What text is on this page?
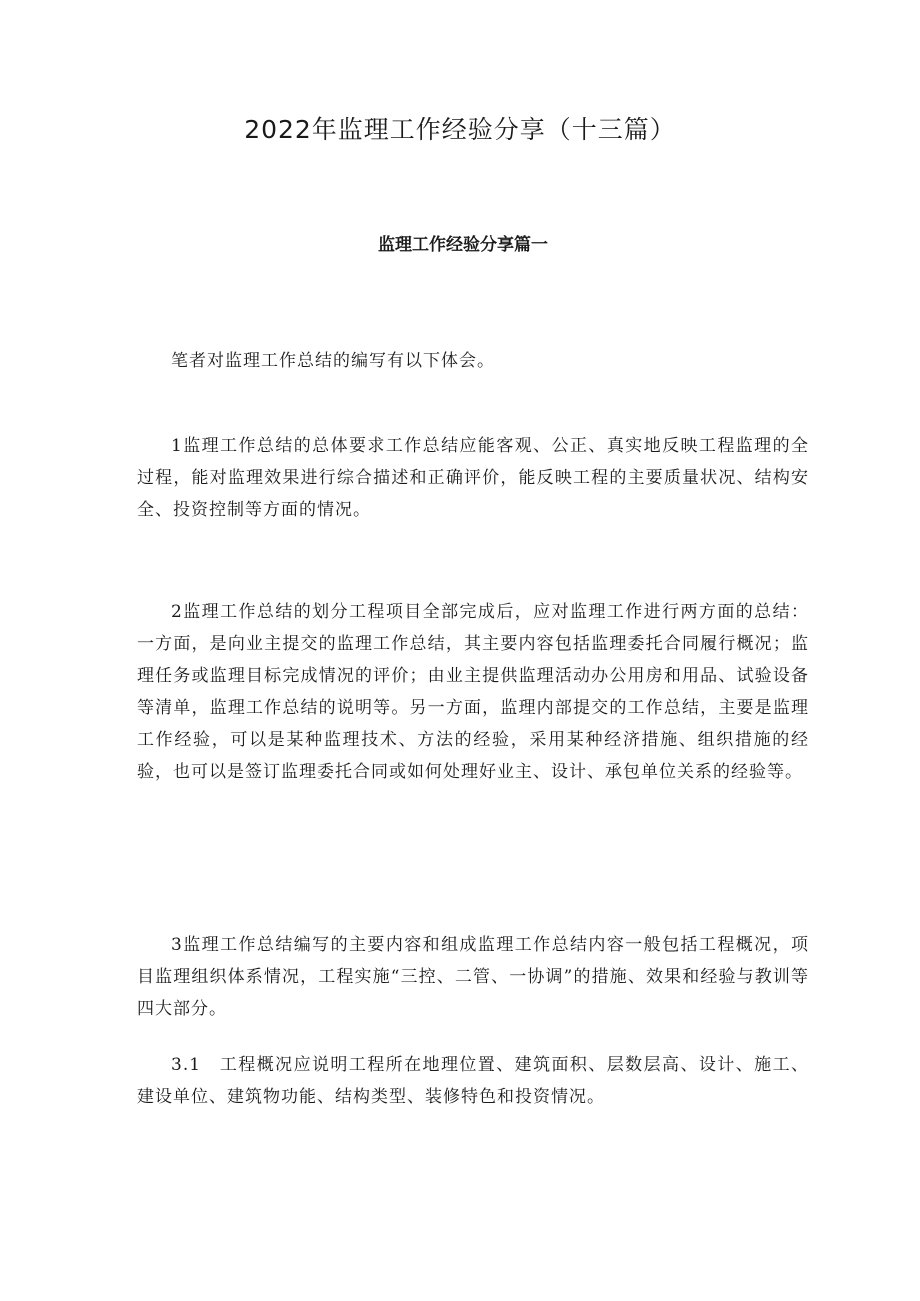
2022年监理工作经验分享（十三篇）
监理工作经验分享篇一

笔者对监理工作总结的编写有以下体会。

1监理工作总结的总体要求工作总结应能客观、公正、真实地反映工程监理的全过程，能对监理效果进行综合描述和正确评价，能反映工程的主要质量状况、结构安全、投资控制等方面的情况。

2监理工作总结的划分工程项目全部完成后，应对监理工作进行两方面的总结：一方面，是向业主提交的监理工作总结，其主要内容包括监理委托合同履行概况；监理任务或监理目标完成情况的评价；由业主提供监理活动办公用房和用品、试验设备等清单，监理工作总结的说明等。另一方面，监理内部提交的工作总结，主要是监理工作经验，可以是某种监理技术、方法的经验，采用某种经济措施、组织措施的经验，也可以是签订监理委托合同或如何处理好业主、设计、承包单位关系的经验等。

3监理工作总结编写的主要内容和组成监理工作总结内容一般包括工程概况，项目监理组织体系情况，工程实施“三控、二管、一协调”的措施、效果和经验与教训等四大部分。

3.1　工程概况应说明工程所在地理位置、建筑面积、层数层高、设计、施工、建设单位、建筑物功能、结构类型、装修特色和投资情况。
